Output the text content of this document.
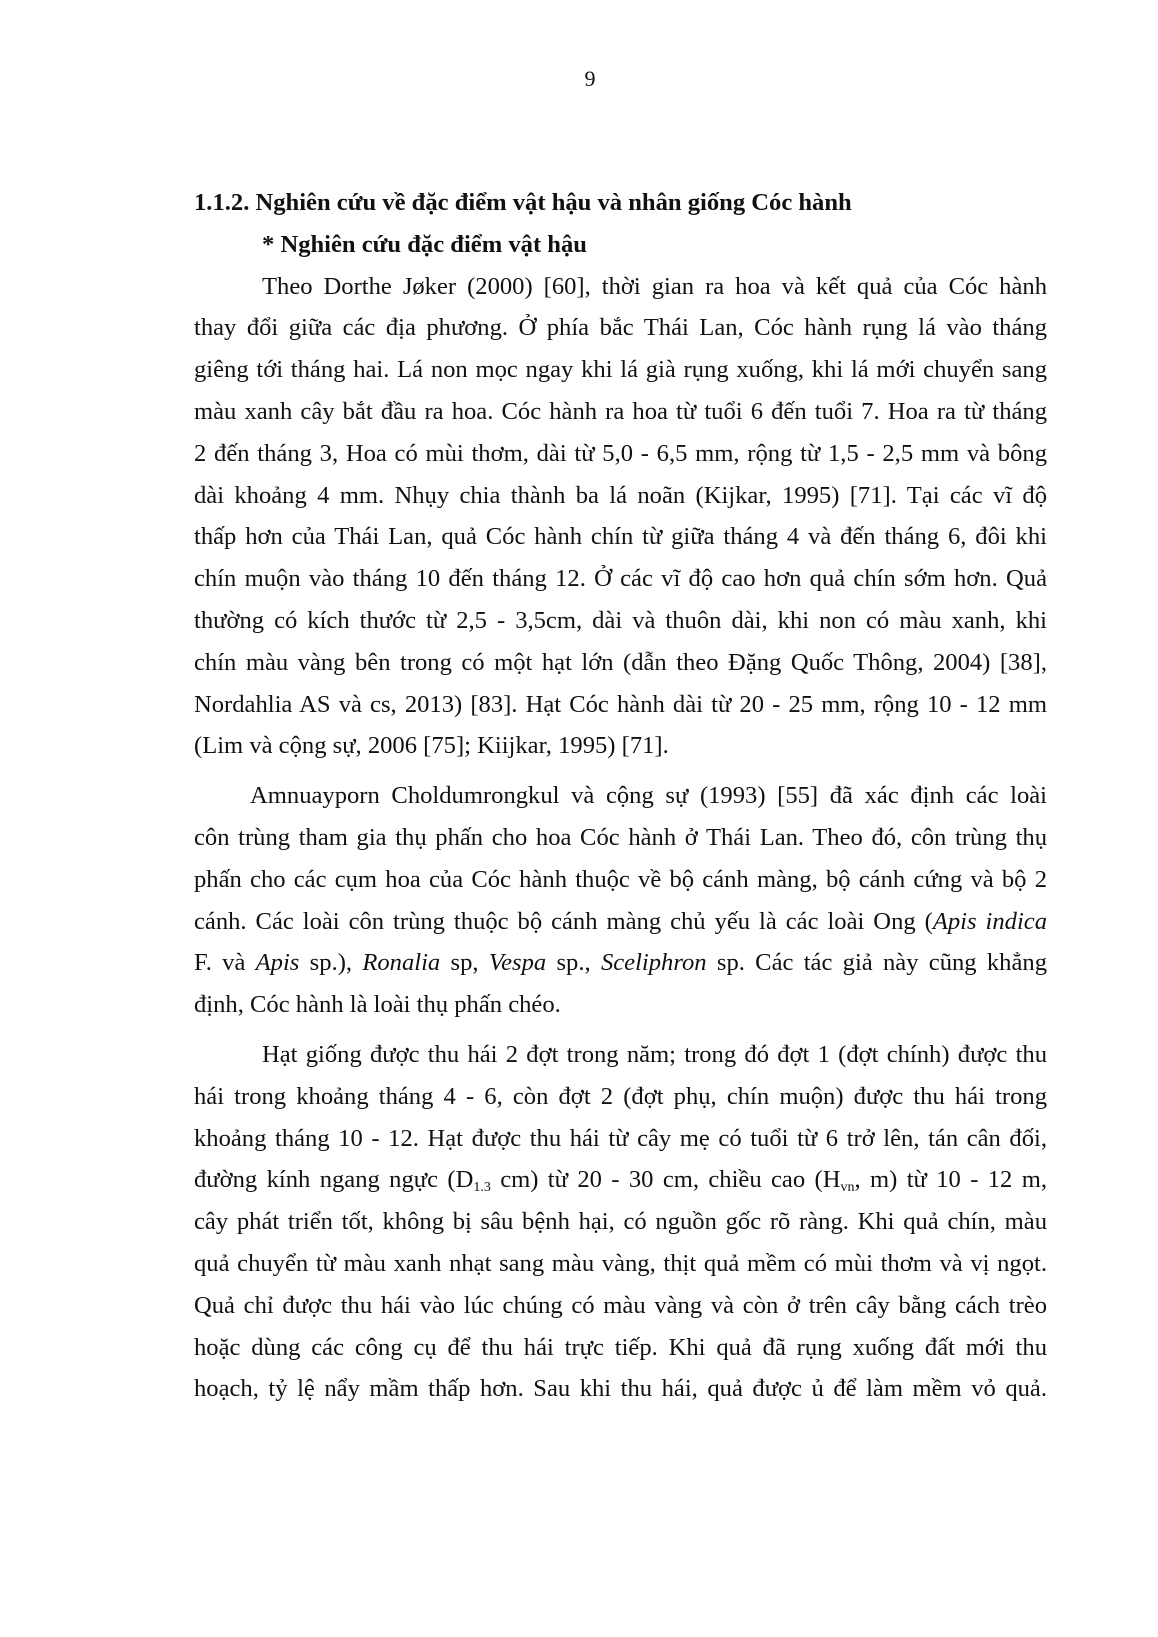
9

1.1.2. Nghiên cứu về đặc điểm vật hậu và nhân giống Cóc hành

* Nghiên cứu đặc điểm vật hậu

Theo Dorthe Jøker (2000) [60], thời gian ra hoa và kết quả của Cóc hành
thay đổi giữa các địa phương. Ở phía bắc Thái Lan, Cóc hành rụng lá vào tháng
giêng tới tháng hai. Lá non mọc ngay khi lá già rụng xuống, khi lá mới chuyển sang
màu xanh cây bắt đầu ra hoa. Cóc hành ra hoa từ tuổi 6 đến tuổi 7. Hoa ra từ tháng
2 đến tháng 3, Hoa có mùi thơm, dài từ 5,0 - 6,5 mm, rộng từ 1,5 - 2,5 mm và bông
dài khoảng 4 mm. Nhụy chia thành ba lá noãn (Kijkar, 1995) [71]. Tại các vĩ độ
thấp hơn của Thái Lan, quả Cóc hành chín từ giữa tháng 4 và đến tháng 6, đôi khi
chín muộn vào tháng 10 đến tháng 12. Ở các vĩ độ cao hơn quả chín sớm hơn. Quả
thường có kích thước từ 2,5 - 3,5cm, dài và thuôn dài, khi non có màu xanh, khi
chín màu vàng bên trong có một hạt lớn (dẫn theo Đặng Quốc Thông, 2004) [38],
Nordahlia AS và cs, 2013) [83]. Hạt Cóc hành dài từ 20 - 25 mm, rộng 10 - 12 mm
(Lim và cộng sự, 2006 [75]; Kiijkar, 1995) [71].
Amnuayporn Choldumrongkul và cộng sự (1993) [55] đã xác định các loài
côn trùng tham gia thụ phấn cho hoa Cóc hành ở Thái Lan. Theo đó, côn trùng thụ
phấn cho các cụm hoa của Cóc hành thuộc về bộ cánh màng, bộ cánh cứng và bộ 2
cánh. Các loài côn trùng thuộc bộ cánh màng chủ yếu là các loài Ong (Apis indica
F. và Apis sp.), Ronalia sp, Vespa sp., Sceliphron sp. Các tác giả này cũng khẳng
định, Cóc hành là loài thụ phấn chéo.
Hạt giống được thu hái 2 đợt trong năm; trong đó đợt 1 (đợt chính) được thu
hái trong khoảng tháng 4 - 6, còn đợt 2 (đợt phụ, chín muộn) được thu hái trong
khoảng tháng 10 - 12. Hạt được thu hái từ cây mẹ có tuổi từ 6 trở lên, tán cân đối,
đường kính ngang ngực ($D_{1.3}$ cm) từ 20 - 30 cm, chiều cao ($H_{vn}$, m) từ 10 - 12 m,
cây phát triển tốt, không bị sâu bệnh hại, có nguồn gốc rõ ràng. Khi quả chín, màu
quả chuyển từ màu xanh nhạt sang màu vàng, thịt quả mềm có mùi thơm và vị ngọt.
Quả chỉ được thu hái vào lúc chúng có màu vàng và còn ở trên cây bằng cách trèo
hoặc dùng các công cụ để thu hái trực tiếp. Khi quả đã rụng xuống đất mới thu
hoạch, tỷ lệ nẩy mầm thấp hơn. Sau khi thu hái, quả được ủ để làm mềm vỏ quả.
